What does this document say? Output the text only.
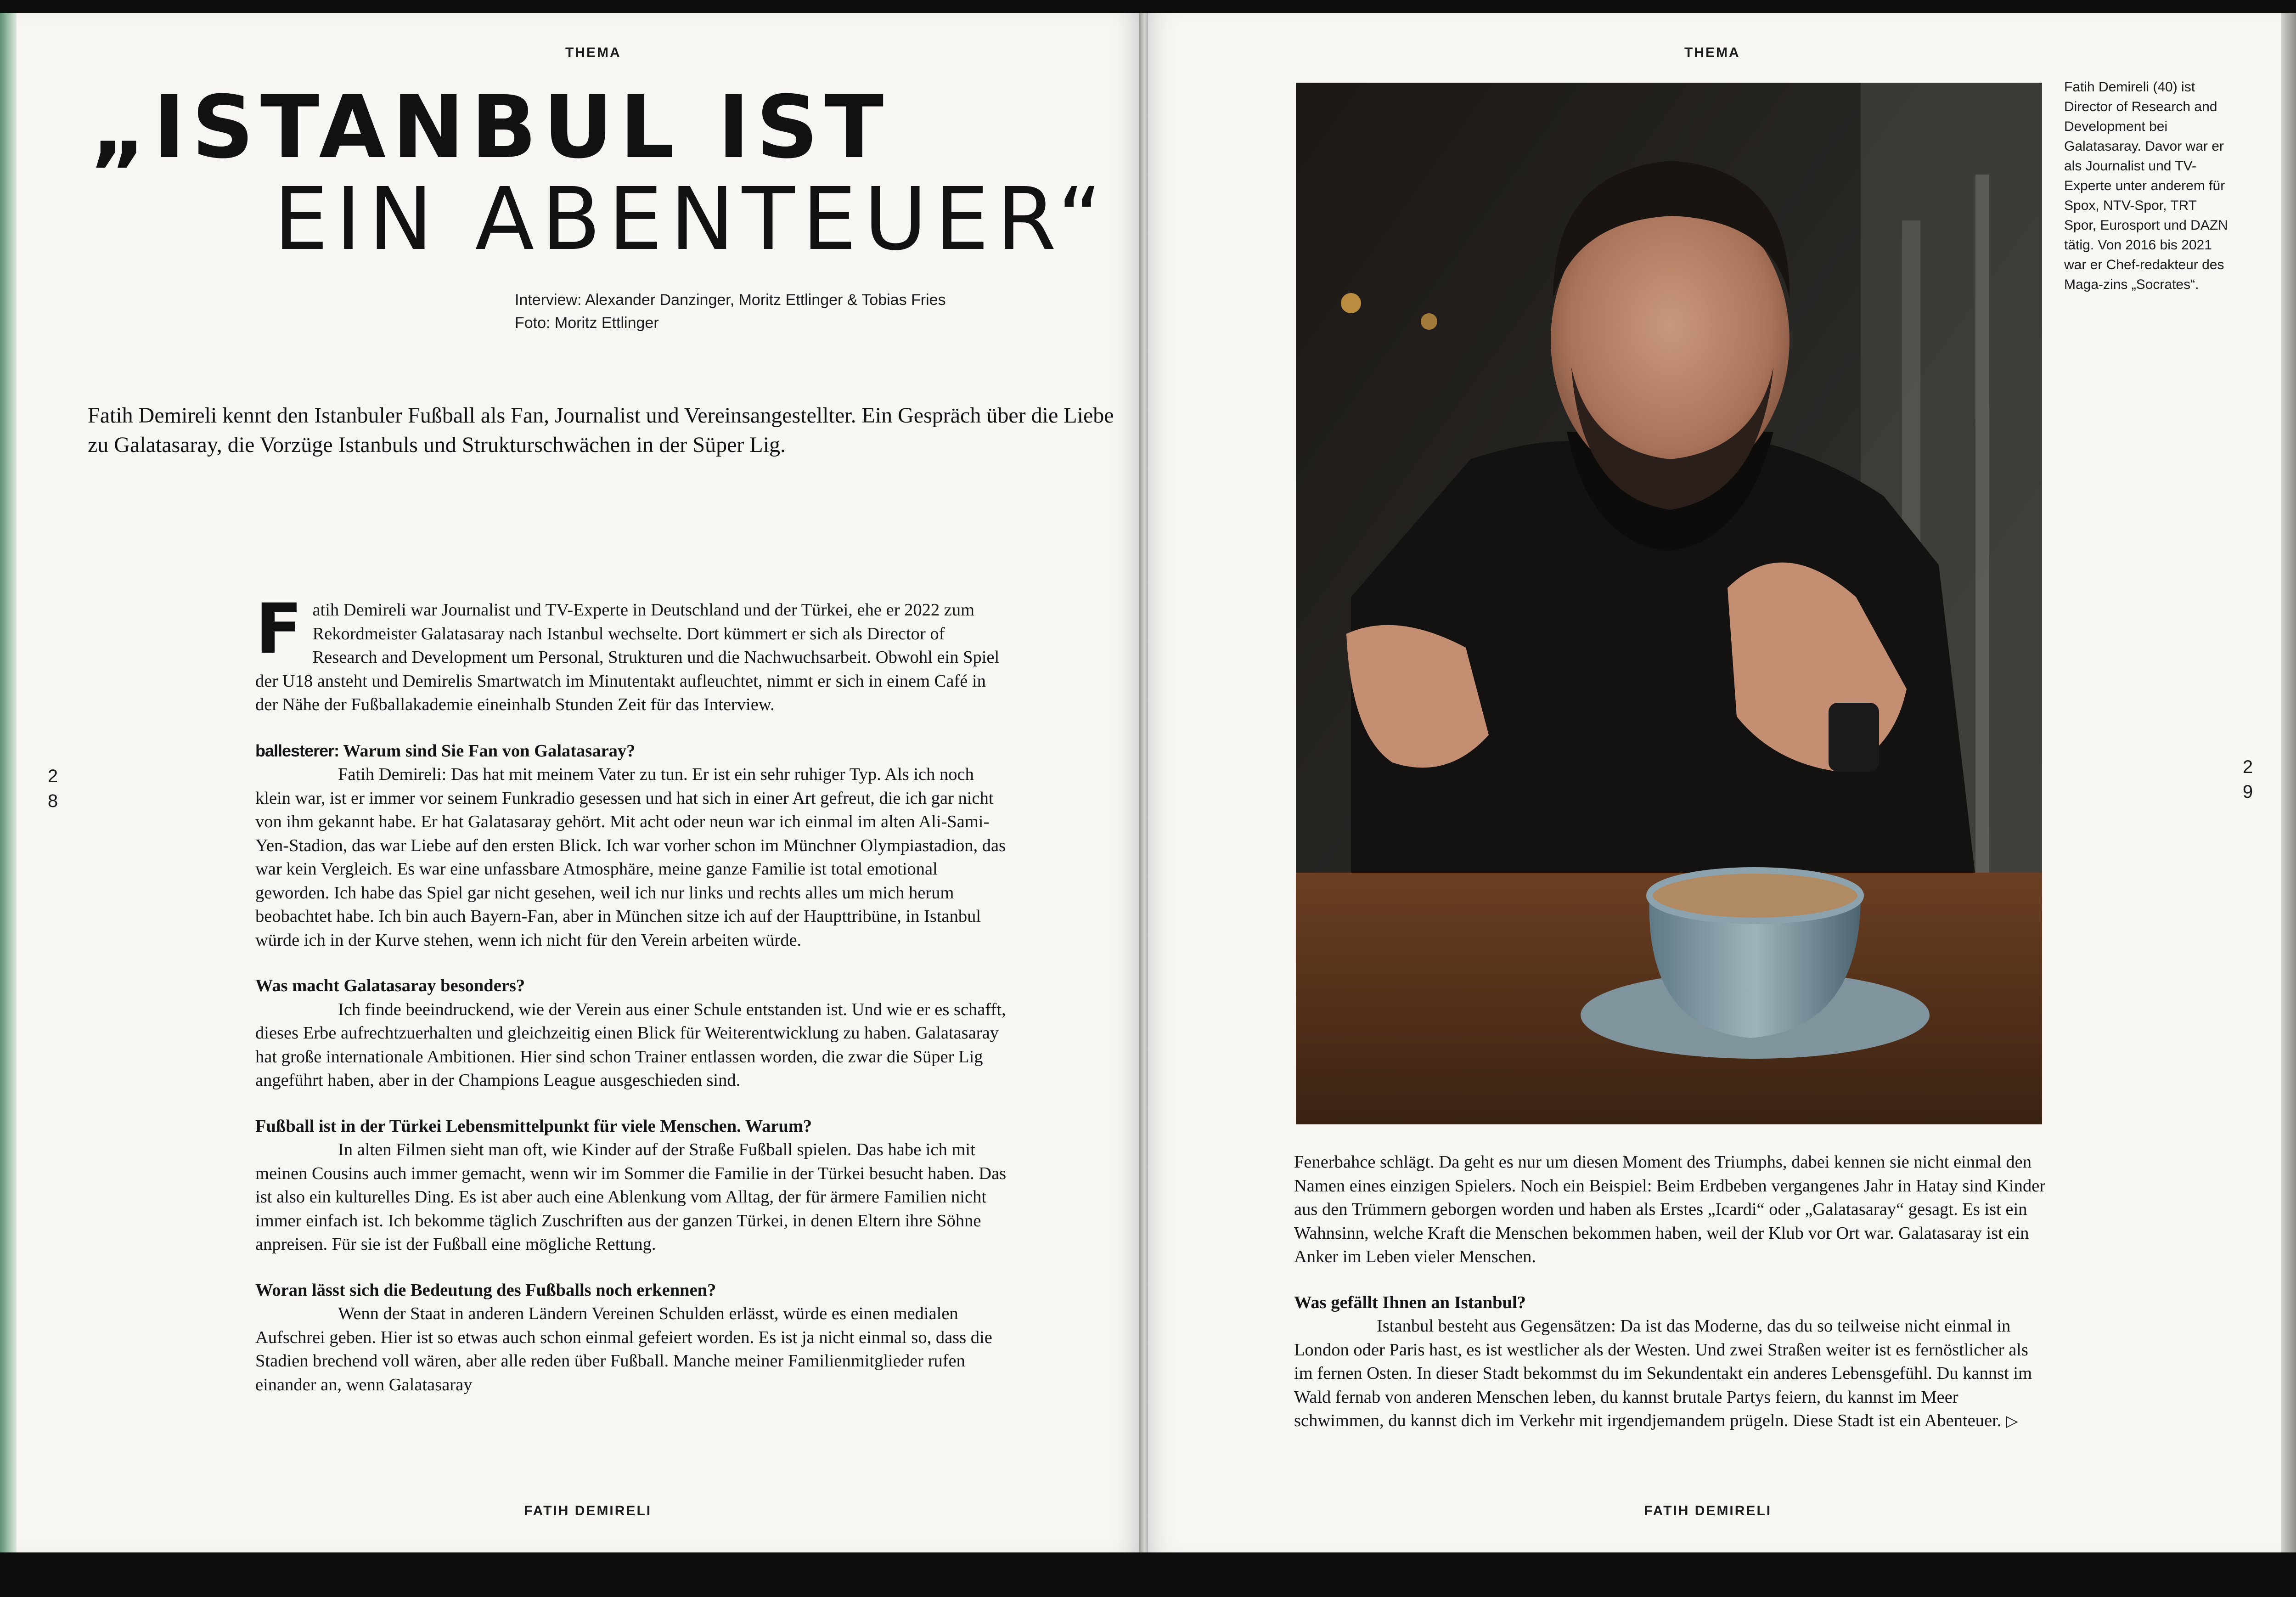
THEMA
„ISTANBUL IST
EIN ABENTEUER“
Interview: Alexander Danzinger, Moritz Ettlinger & Tobias Fries
Foto: Moritz Ettlinger
Fatih Demireli kennt den Istanbuler Fußball als Fan, Journalist und Vereinsangestellter. Ein Gespräch über die Liebe zu Galatasaray, die Vorzüge Istanbuls und Strukturschwächen in der Süper Lig.
2
8

Fatih Demireli war Journalist und TV-Experte in Deutschland und der Türkei, ehe er 2022 zum Rekordmeister Galatasaray nach Istanbul wechselte. Dort kümmert er sich als Director of Research and Development um Personal, Strukturen und die Nachwuchsarbeit. Obwohl ein Spiel der U18 ansteht und Demirelis Smartwatch im Minutentakt aufleuchtet, nimmt er sich in einem Café in der Nähe der Fußballakademie eineinhalb Stunden Zeit für das Interview.

ballesterer: Warum sind Sie Fan von Galatasaray?
Fatih Demireli: Das hat mit meinem Vater zu tun. Er ist ein sehr ruhiger Typ. Als ich noch klein war, ist er immer vor seinem Funkradio gesessen und hat sich in einer Art gefreut, die ich gar nicht von ihm gekannt habe. Er hat Galatasaray gehört. Mit acht oder neun war ich einmal im alten Ali-Sami-Yen-Stadion, das war Liebe auf den ersten Blick. Ich war vorher schon im Münchner Olympiastadion, das war kein Vergleich. Es war eine unfassbare Atmosphäre, meine ganze Familie ist total emotional geworden. Ich habe das Spiel gar nicht gesehen, weil ich nur links und rechts alles um mich herum beobachtet habe. Ich bin auch Bayern-Fan, aber in München sitze ich auf der Haupttribüne, in Istanbul würde ich in der Kurve stehen, wenn ich nicht für den Verein arbeiten würde.

Was macht Galatasaray besonders?
Ich finde beeindruckend, wie der Verein aus einer Schule entstanden ist. Und wie er es schafft, dieses Erbe aufrechtzuerhalten und gleichzeitig einen Blick für Weiterentwicklung zu haben. Galatasaray hat große internationale Ambitionen. Hier sind schon Trainer entlassen worden, die zwar die Süper Lig angeführt haben, aber in der Champions League ausgeschieden sind.

Fußball ist in der Türkei Lebensmittelpunkt für viele Menschen. Warum?
In alten Filmen sieht man oft, wie Kinder auf der Straße Fußball spielen. Das habe ich mit meinen Cousins auch immer gemacht, wenn wir im Sommer die Familie in der Türkei besucht haben. Das ist also ein kulturelles Ding. Es ist aber auch eine Ablenkung vom Alltag, der für ärmere Familien nicht immer einfach ist. Ich bekomme täglich Zuschriften aus der ganzen Türkei, in denen Eltern ihre Söhne anpreisen. Für sie ist der Fußball eine mögliche Rettung.

Woran lässt sich die Bedeutung des Fußballs noch erkennen?
Wenn der Staat in anderen Ländern Vereinen Schulden erlässt, würde es einen medialen Aufschrei geben. Hier ist so etwas auch schon einmal gefeiert worden. Es ist ja nicht einmal so, dass die Stadien brechend voll wären, aber alle reden über Fußball. Manche meiner Familienmitglieder rufen einander an, wenn Galatasaray

FATIH DEMIRELI
THEMA
Fatih Demireli (40) ist Director of Research and Development bei Galatasaray. Davor war er als Journalist und TV-Experte unter anderem für Spox, NTV-Spor, TRT Spor, Eurosport und DAZN tätig. Von 2016 bis 2021 war er Chef-redakteur des Maga-zins „Socrates“.
2
9

Fenerbahce schlägt. Da geht es nur um diesen Moment des Triumphs, dabei kennen sie nicht einmal den Namen eines einzigen Spielers. Noch ein Beispiel: Beim Erdbeben vergangenes Jahr in Hatay sind Kinder aus den Trümmern geborgen worden und haben als Erstes „Icardi“ oder „Galatasaray“ gesagt. Es ist ein Wahnsinn, welche Kraft die Menschen bekommen haben, weil der Klub vor Ort war. Galatasaray ist ein Anker im Leben vieler Menschen.

Was gefällt Ihnen an Istanbul?
Istanbul besteht aus Gegensätzen: Da ist das Moderne, das du so teilweise nicht einmal in London oder Paris hast, es ist westlicher als der Westen. Und zwei Straßen weiter ist es fernöstlicher als im fernen Osten. In dieser Stadt bekommst du im Sekundentakt ein anderes Lebensgefühl. Du kannst im Wald fernab von anderen Menschen leben, du kannst brutale Partys feiern, du kannst im Meer schwimmen, du kannst dich im Verkehr mit irgendjemandem prügeln. Diese Stadt ist ein Abenteuer. ▷

FATIH DEMIRELI
